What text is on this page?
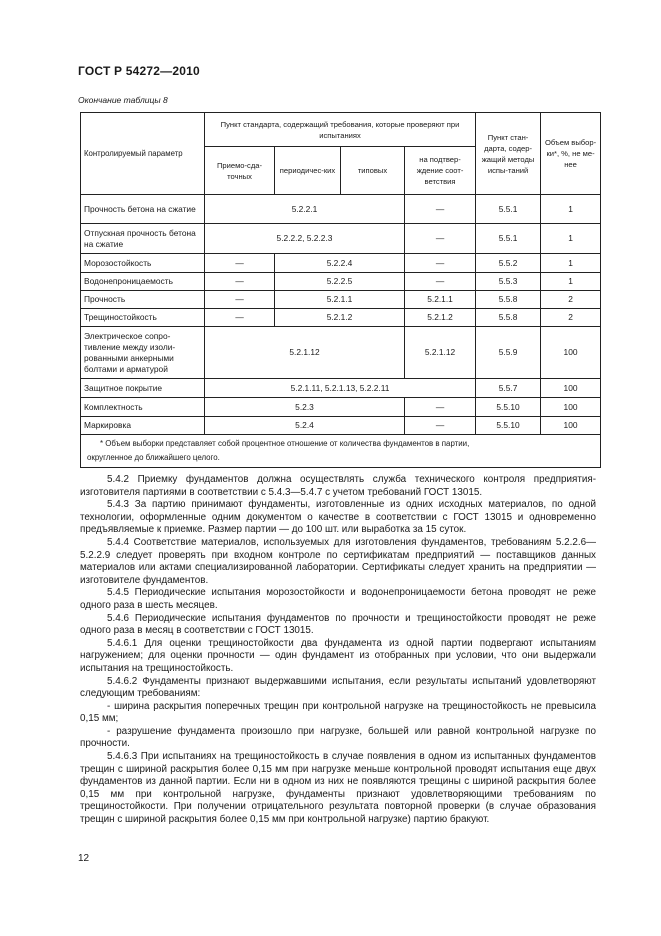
ГОСТ Р 54272—2010
Окончание таблицы 8
Контролируемый параметр	Пункт стандарта, содержащий требования, которые проверяют при испытаниях				Пункт стан-дарта, содер-жащий методы испы-таний	Объем выбор-ки*, %, не ме-нее
	Приемо-сда-точных	периодичес-ких	типовых	на подтвер-ждение соот-ветствия		
Прочность бетона на сжатие	5.2.2.1			—	5.5.1	1
Отпускная прочность бетона на сжатие	5.2.2.2, 5.2.2.3			—	5.5.1	1
Морозостойкость	—	5.2.2.4		—	5.5.2	1
Водонепроницаемость	—	5.2.2.5		—	5.5.3	1
Прочность	—	5.2.1.1		5.2.1.1	5.5.8	2
Трещиностойкость	—	5.2.1.2		5.2.1.2	5.5.8	2
Электрическое сопро-тивление между изоли-рованными анкерными болтами и арматурой	5.2.1.12			5.2.1.12	5.5.9	100
Защитное покрытие	5.2.1.11, 5.2.1.13, 5.2.2.11				5.5.7	100
Комплектность	5.2.3			—	5.5.10	100
Маркировка	5.2.4			—	5.5.10	100

* Объем выборки представляет собой процентное отношение от количества фундаментов в партии,

округленное до ближайшего целого.

5.4.2 Приемку фундаментов должна осуществлять служба технического контроля предприятия-изготовителя партиями в соответствии с 5.4.3—5.4.7 с учетом требований ГОСТ 13015.

5.4.3 За партию принимают фундаменты, изготовленные из одних исходных материалов, по одной технологии, оформленные одним документом о качестве в соответствии с ГОСТ 13015 и одновременно предъявляемые к приемке. Размер партии — до 100 шт. или выработка за 15 суток.

5.4.4 Соответствие материалов, используемых для изготовления фундаментов, требованиям 5.2.2.6—5.2.2.9 следует проверять при входном контроле по сертификатам предприятий — поставщиков данных материалов или актами специализированной лаборатории. Сертификаты следует хранить на предприятии — изготовителе фундаментов.

5.4.5 Периодические испытания морозостойкости и водонепроницаемости бетона проводят не реже одного раза в шесть месяцев.

5.4.6 Периодические испытания фундаментов по прочности и трещиностойкости проводят не реже одного раза в месяц в соответствии с ГОСТ 13015.

5.4.6.1 Для оценки трещиностойкости два фундамента из одной партии подвергают испытаниям нагружением; для оценки прочности — один фундамент из отобранных при условии, что они выдержали испытания на трещиностойкость.

5.4.6.2 Фундаменты признают выдержавшими испытания, если результаты испытаний удовлетворяют следующим требованиям:

- ширина раскрытия поперечных трещин при контрольной нагрузке на трещиностойкость не превысила 0,15 мм;

- разрушение фундамента произошло при нагрузке, большей или равной контрольной нагрузке по прочности.

5.4.6.3 При испытаниях на трещиностойкость в случае появления в одном из испытанных фундаментов трещин с шириной раскрытия более 0,15 мм при нагрузке меньше контрольной проводят испытания еще двух фундаментов из данной партии. Если ни в одном из них не появляются трещины с шириной раскрытия более 0,15 мм при контрольной нагрузке, фундаменты признают удовлетворяющими требованиям по трещиностойкости. При получении отрицательного результата повторной проверки (в случае образования трещин с шириной раскрытия более 0,15 мм при контрольной нагрузке) партию бракуют.

12
